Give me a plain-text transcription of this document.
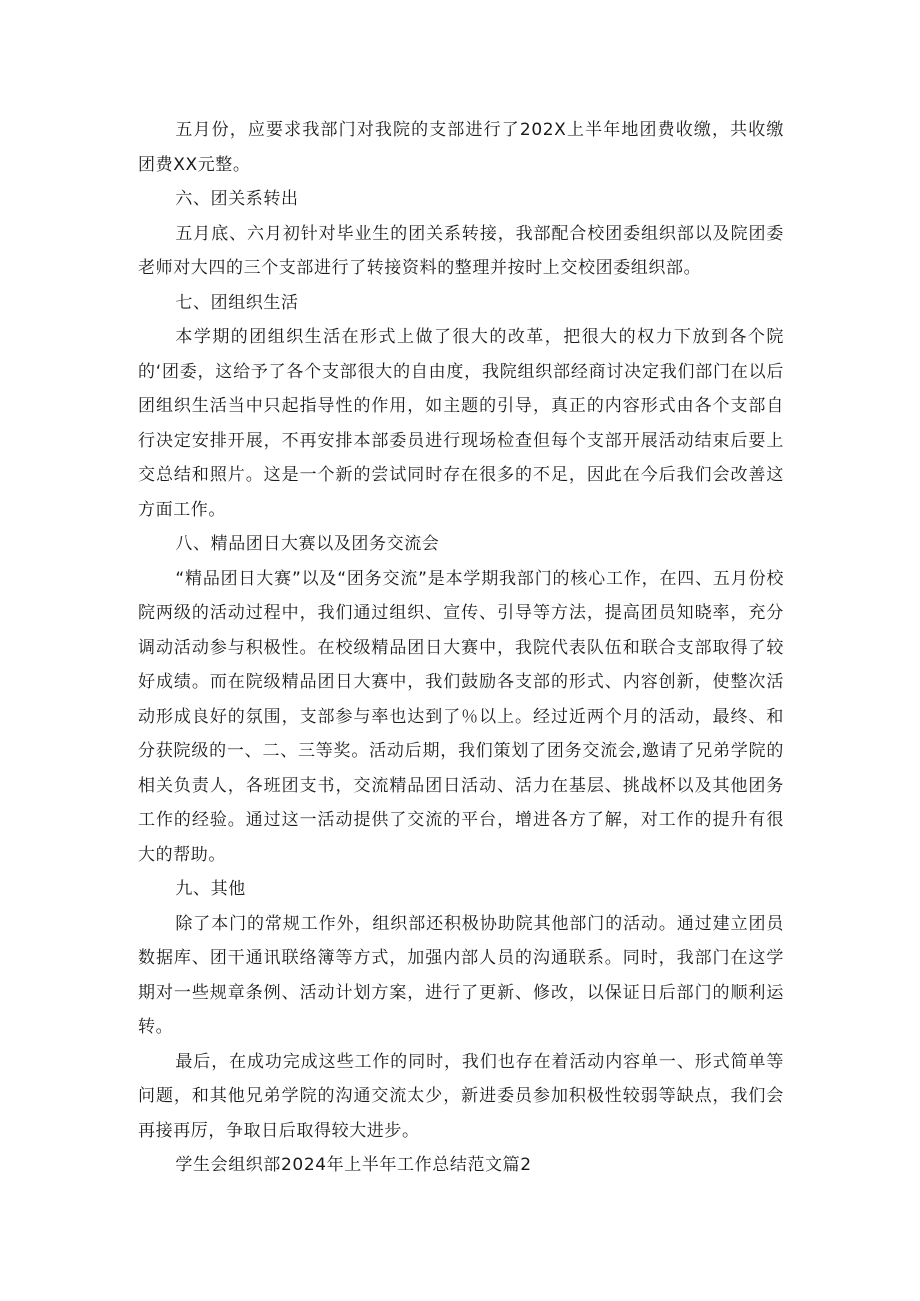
五月份，应要求我部门对我院的支部进行了202X上半年地团费收缴，共收缴团费XX元整。

六、团关系转出

五月底、六月初针对毕业生的团关系转接，我部配合校团委组织部以及院团委老师对大四的三个支部进行了转接资料的整理并按时上交校团委组织部。

七、团组织生活

本学期的团组织生活在形式上做了很大的改革，把很大的权力下放到各个院的‘团委，这给予了各个支部很大的自由度，我院组织部经商讨决定我们部门在以后团组织生活当中只起指导性的作用，如主题的引导，真正的内容形式由各个支部自行决定安排开展，不再安排本部委员进行现场检查但每个支部开展活动结束后要上交总结和照片。这是一个新的尝试同时存在很多的不足，因此在今后我们会改善这方面工作。

八、精品团日大赛以及团务交流会

“精品团日大赛”以及“团务交流”是本学期我部门的核心工作，在四、五月份校院两级的活动过程中，我们通过组织、宣传、引导等方法，提高团员知晓率，充分调动活动参与积极性。在校级精品团日大赛中，我院代表队伍和联合支部取得了较好成绩。而在院级精品团日大赛中，我们鼓励各支部的形式、内容创新，使整次活动形成良好的氛围，支部参与率也达到了％以上。经过近两个月的活动，最终、和分获院级的一、二、三等奖。活动后期，我们策划了团务交流会,邀请了兄弟学院的相关负责人，各班团支书，交流精品团日活动、活力在基层、挑战杯以及其他团务工作的经验。通过这一活动提供了交流的平台，增进各方了解，对工作的提升有很大的帮助。

九、其他

除了本门的常规工作外，组织部还积极协助院其他部门的活动。通过建立团员数据库、团干通讯联络簿等方式，加强内部人员的沟通联系。同时，我部门在这学期对一些规章条例、活动计划方案，进行了更新、修改，以保证日后部门的顺利运转。

最后，在成功完成这些工作的同时，我们也存在着活动内容单一、形式简单等问题，和其他兄弟学院的沟通交流太少，新进委员参加积极性较弱等缺点，我们会再接再厉，争取日后取得较大进步。

学生会组织部2024年上半年工作总结范文篇2
